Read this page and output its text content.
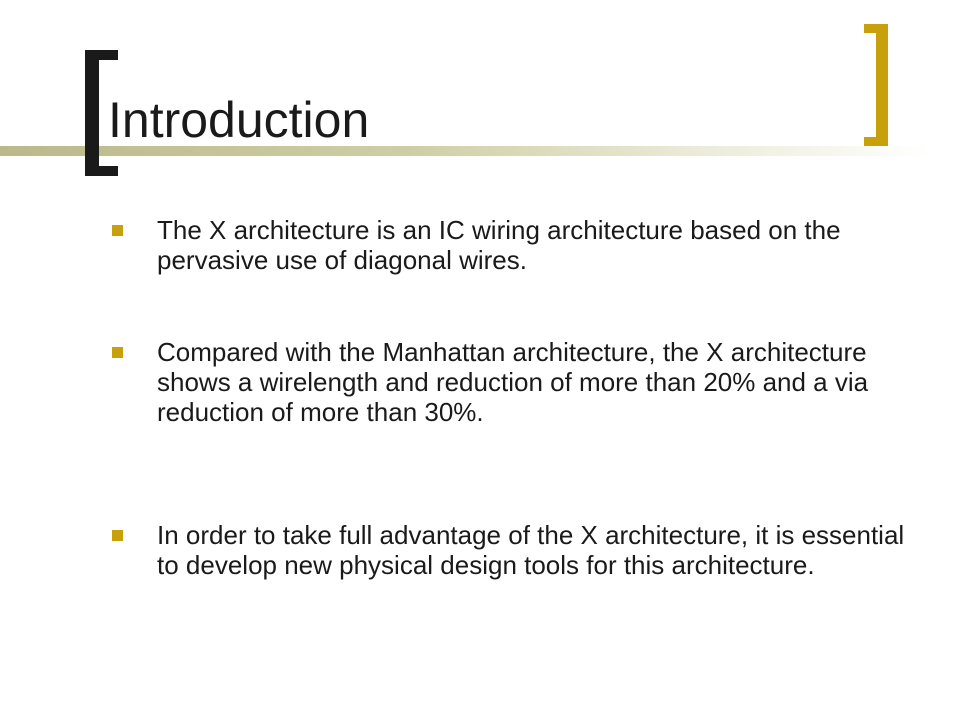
Introduction
The X architecture is an IC wiring architecture based on the pervasive use of diagonal wires.
Compared with the Manhattan architecture, the X architecture shows a wirelength and reduction of more than 20% and a via reduction of more than 30%.
In order to take full advantage of the X architecture, it is essential to develop new physical design tools for this architecture.
